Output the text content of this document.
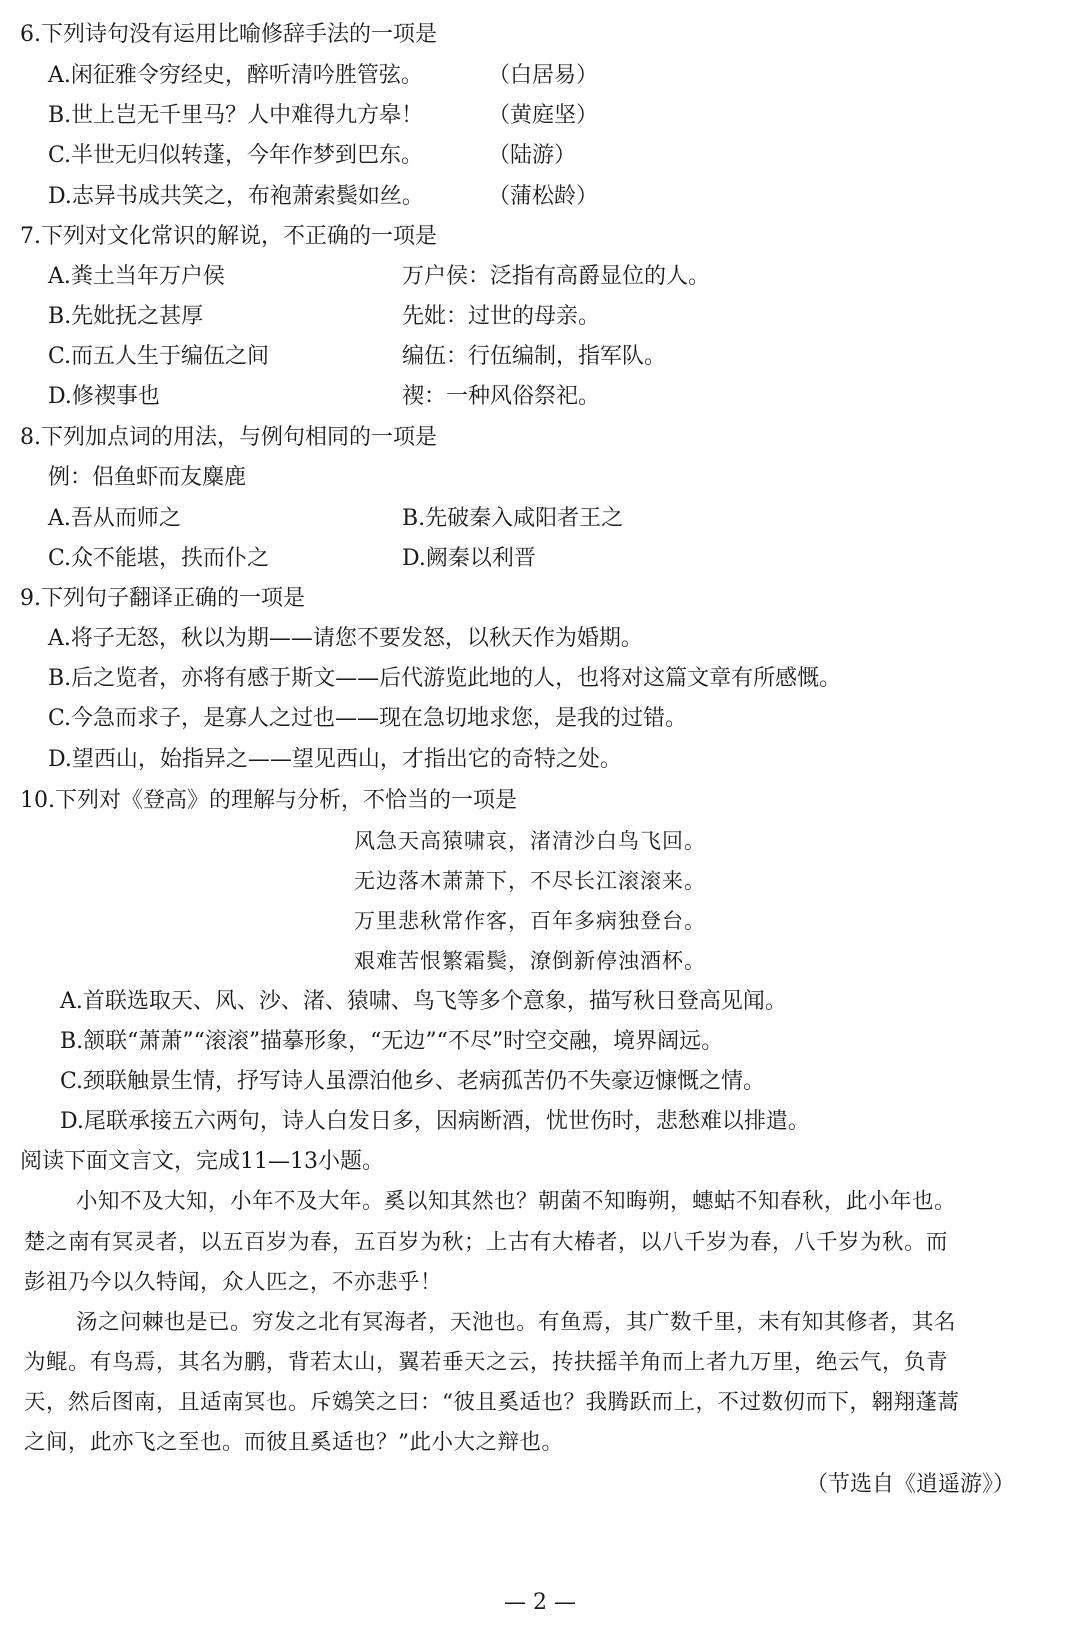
6.下列诗句没有运用比喻修辞手法的一项是
A.闲征雅令穷经史，醉听清吟胜管弦。	（白居易）
B.世上岂无千里马？人中难得九方皋！	（黄庭坚）
C.半世无归似转蓬，今年作梦到巴东。	（陆游）
D.志异书成共笑之，布袍萧索鬓如丝。	（蒲松龄）
7.下列对文化常识的解说，不正确的一项是
A.粪土当年万户侯	万户侯：泛指有高爵显位的人。
B.先妣抚之甚厚	先妣：过世的母亲。
C.而五人生于编伍之间	编伍：行伍编制，指军队。
D.修禊事也	禊：一种风俗祭祀。
8.下列加点词的用法，与例句相同的一项是
例：侣鱼虾而友麋鹿
A.吾从而师之	B.先破秦入咸阳者王之
C.众不能堪，抶而仆之	D.阙秦以利晋
9.下列句子翻译正确的一项是
A.将子无怒，秋以为期——请您不要发怒，以秋天作为婚期。
B.后之览者，亦将有感于斯文——后代游览此地的人，也将对这篇文章有所感慨。
C.今急而求子，是寡人之过也——现在急切地求您，是我的过错。
D.望西山，始指异之——望见西山，才指出它的奇特之处。
10.下列对《登高》的理解与分析，不恰当的一项是
风急天高猿啸哀，渚清沙白鸟飞回。
无边落木萧萧下，不尽长江滚滚来。
万里悲秋常作客，百年多病独登台。
艰难苦恨繁霜鬓，潦倒新停浊酒杯。
A.首联选取天、风、沙、渚、猿啸、鸟飞等多个意象，描写秋日登高见闻。
B.颔联“萧萧”“滚滚”描摹形象，“无边”“不尽”时空交融，境界阔远。
C.颈联触景生情，抒写诗人虽漂泊他乡、老病孤苦仍不失豪迈慷慨之情。
D.尾联承接五六两句，诗人白发日多，因病断酒，忧世伤时，悲愁难以排遣。
阅读下面文言文，完成11—13小题。
小知不及大知，小年不及大年。奚以知其然也？朝菌不知晦朔，蟪蛄不知春秋，此小年也。
楚之南有冥灵者，以五百岁为春，五百岁为秋；上古有大椿者，以八千岁为春，八千岁为秋。而
彭祖乃今以久特闻，众人匹之，不亦悲乎！
汤之问棘也是已。穷发之北有冥海者，天池也。有鱼焉，其广数千里，未有知其修者，其名
为鲲。有鸟焉，其名为鹏，背若太山，翼若垂天之云，抟扶摇羊角而上者九万里，绝云气，负青
天，然后图南，且适南冥也。斥鴳笑之曰：“彼且奚适也？我腾跃而上，不过数仞而下，翱翔蓬蒿
之间，此亦飞之至也。而彼且奚适也？”此小大之辩也。
（节选自《逍遥游》）
— 2 —
